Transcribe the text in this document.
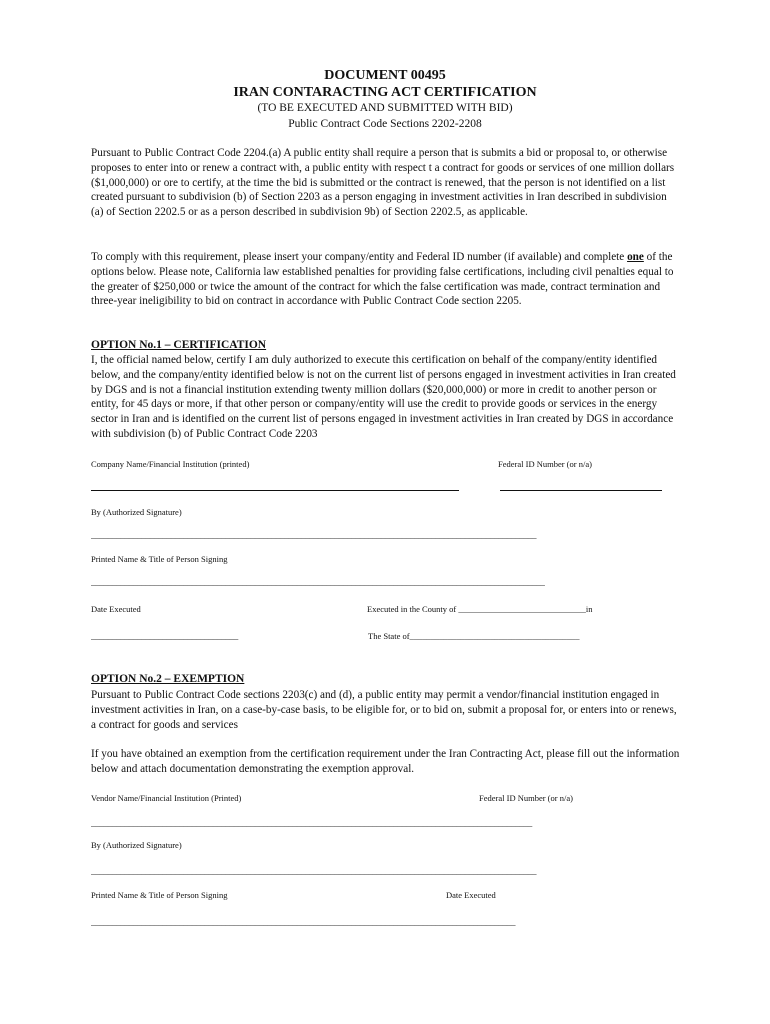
DOCUMENT 00495
IRAN CONTARACTING ACT CERTIFICATION
(TO BE EXECUTED AND SUBMITTED WITH BID)
Public Contract Code Sections 2202-2208

Pursuant to Public Contract Code 2204.(a) A public entity shall require a person that is submits a bid or proposal to, or otherwise proposes to enter into or renew a contract with, a public entity with respect t a contract for goods or services of one million dollars ($1,000,000) or ore to certify, at the time the bid is submitted or the contract is renewed, that the person is not identified on a list created pursuant to subdivision (b) of Section 2203 as a person engaging in investment activities in Iran described in subdivision (a) of Section 2202.5 or as a person described in subdivision 9b) of Section 2202.5, as applicable.

To comply with this requirement, please insert your company/entity and Federal ID number (if available) and complete one of the options below. Please note, California law established penalties for providing false certifications, including civil penalties equal to the greater of $250,000 or twice the amount of the contract for which the false certification was made, contract termination and three-year ineligibility to bid on contract in accordance with Public Contract Code section 2205.

OPTION No.1 – CERTIFICATION

I, the official named below, certify I am duly authorized to execute this certification on behalf of the company/entity identified below, and the company/entity identified below is not on the current list of persons engaged in investment activities in Iran created by DGS and is not a financial institution extending twenty million dollars ($20,000,000) or more in credit to another person or entity, for 45 days or more, if that other person or company/entity will use the credit to provide goods or services in the energy sector in Iran and is identified on the current list of persons engaged in investment activities in Iran created by DGS in accordance with subdivision (b) of Public Contract Code 2203

Company Name/Financial Institution (printed)	Federal ID Number (or n/a)
By (Authorized Signature)
__________________________________________________________________________________________________________
Printed Name & Title of Person Signing
____________________________________________________________________________________________________________
Date Executed	Executed in the County of ______________________________in
___________________________________	The State of________________________________________
OPTION No.2 – EXEMPTION

Pursuant to Public Contract Code sections 2203(c) and (d), a public entity may permit a vendor/financial institution engaged in investment activities in Iran, on a case-by-case basis, to be eligible for, or to bid on, submit a proposal for, or enters into or renews, a contract for goods and services

If you have obtained an exemption from the certification requirement under the Iran Contracting Act, please fill out the information below and attach documentation demonstrating the exemption approval.

Vendor Name/Financial Institution (Printed)	Federal ID Number (or n/a)
_________________________________________________________________________________________________________
By (Authorized Signature)
__________________________________________________________________________________________________________
Printed Name & Title of Person Signing	Date Executed
_____________________________________________________________________________________________________
